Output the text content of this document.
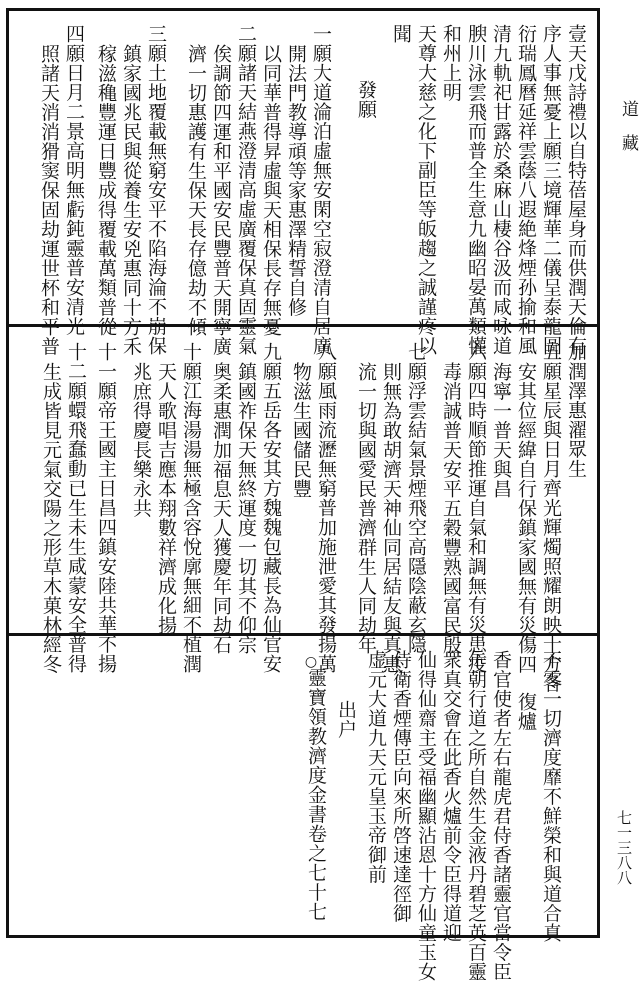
道　藏
七一三八八
壹天戊詩禮以自特蓓屋身而供潤天倫有
序人事無憂上願三境輝華二儀呈泰龍圖
衍瑞鳳曆延祥雲蔭八遐絶烽煙孙揄和風
清九軌祀甘露於桑麻山棲谷汲而咸咏道
腴川泳雲飛而普全生意九幽昭晏萬類懽
和州上明
天尊大慈之化下副臣等皈趨之誠謹疼以
聞
發願
一願大道淪泊虛無安閑空寂澄清自居廣
開法門教導頑等家惠澤精誓自修
以同華普得昇虛與天相保長存無憂
二願諸天結燕澄清高虛廣覆保真固靈氣
俟調節四運和平國安民豐普天開寧廣
濟一切惠護有生保天長存億劫不傾
三願土地覆載無窮安平不陷海淪不崩保
鎮家國兆民與從養生安兇惠同十方禾
稼滋穐豐運日豐成得覆載萬類普從
四願日月二景高明無虧鈍靈普安清光
照諸天消消猾窦保固劫運世杯和平普
加潤澤惠濯眾生
五願星辰與日月齊光輝燭照耀朗映十方各
安其位經緯自行保鎮家國無有災傷四
海寧一普天與昌
六願四時順節推運自氣和調無有災患疫
毒消誠普天安平五穀豐熟國富民殷
七願浮雲結氣景煙飛空高隱陰蔽玄隱
則無為敢胡濟天神仙同居結友與真惠
流一切與國愛民普濟群生人同劫年
八願風雨流瀝無窮普加施泄愛其發揚萬
物滋生國儲民豐
九願五岳各安其方魏魏包藏長為仙官安
鎮國祚保天無終運度一切其不仰宗
奥柔惠潤加福息天人獲慶年同劫石
十願江海湯湯無極含容悅廓無細不植潤
天人歌唱吉應本翔數祥濟成化揚
兆庶得慶長樂永共
十一願帝王國主日昌四鎮安陸共華不揚
十二願蠉飛蠢動已生未生咸蒙安全普得
生成皆見元氣交陽之形草木菓林經冬
不零一切濟度靡不鮮榮和與道合真
復爐
香官使者左右龍虎君侍香諸靈官當令臣
午朝行道之所自然生金液丹碧芝英百靈
衆真交會在此香火爐前令臣得道迎
仙得仙齋主受福幽顯沾恩十方仙童玉女
侍衛香煙傳臣向來所啓速達徑御
虚元大道九天元皇玉帝御前
出户
靈寶領教濟度金書卷之七十七
○
